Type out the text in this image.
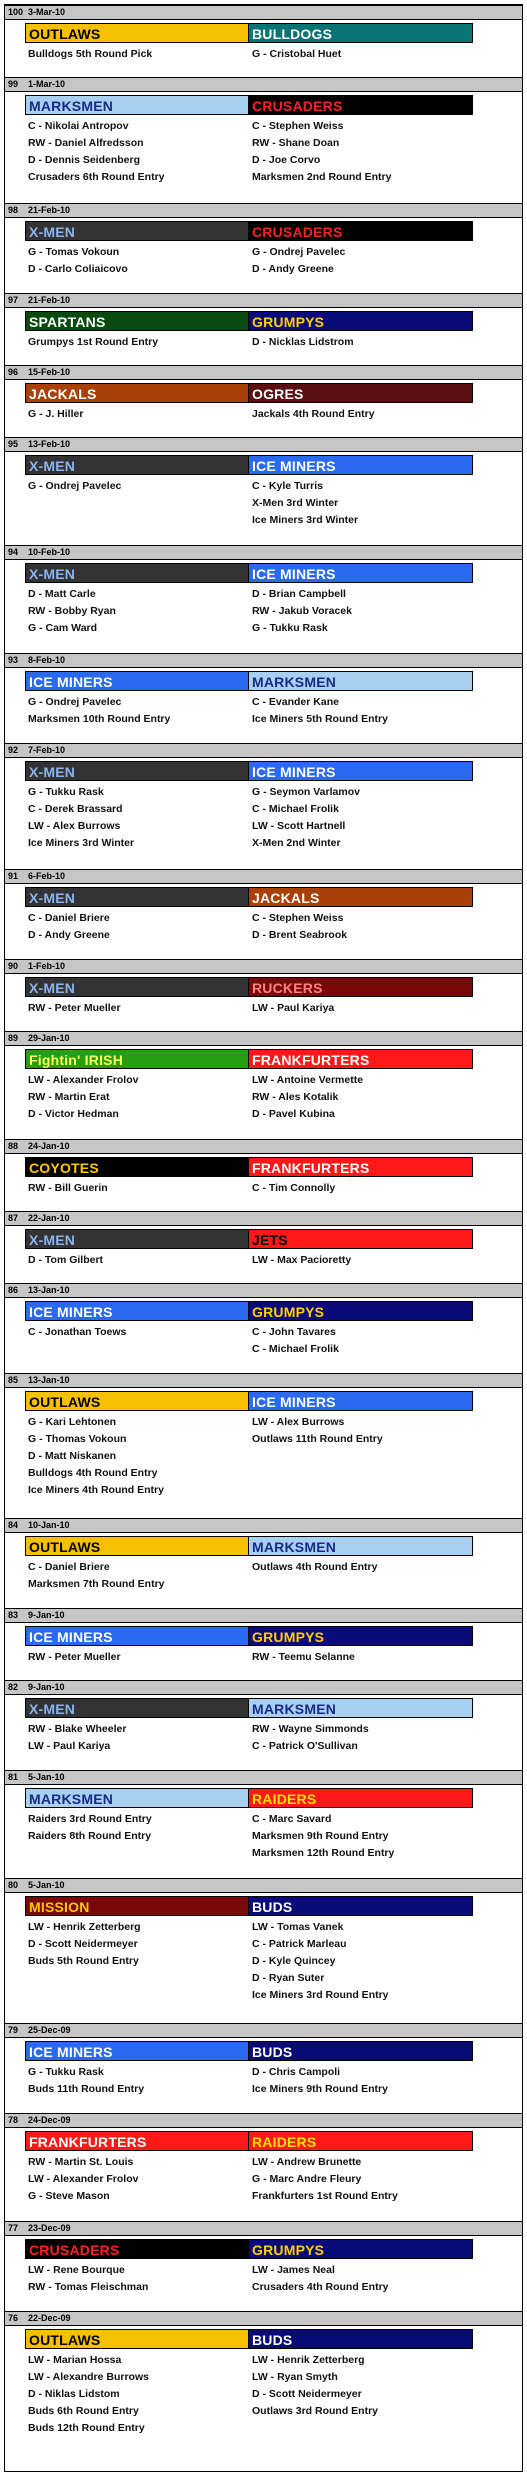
100 3-Mar-10
OUTLAWS
Bulldogs 5th Round Pick
BULLDOGS
G - Cristobal Huet
99 1-Mar-10
MARKSMEN
C - Nikolai Antropov
RW - Daniel Alfredsson
D - Dennis Seidenberg
Crusaders 6th Round Entry
CRUSADERS
C - Stephen Weiss
RW - Shane Doan
D - Joe Corvo
Marksmen 2nd Round Entry
98 21-Feb-10
X-MEN
G - Tomas Vokoun
D - Carlo Coliaicovo
CRUSADERS
G - Ondrej Pavelec
D - Andy Greene
97 21-Feb-10
SPARTANS
Grumpys 1st Round Entry
GRUMPYS
D - Nicklas Lidstrom
96 15-Feb-10
JACKALS
G - J. Hiller
OGRES
Jackals 4th Round Entry
95 13-Feb-10
X-MEN
G - Ondrej Pavelec
ICE MINERS
C - Kyle Turris
X-Men 3rd Winter
Ice Miners 3rd Winter
94 10-Feb-10
X-MEN
D - Matt Carle
RW - Bobby Ryan
G - Cam Ward
ICE MINERS
D - Brian Campbell
RW - Jakub Voracek
G - Tukku Rask
93 8-Feb-10
ICE MINERS
G - Ondrej Pavelec
Marksmen 10th Round Entry
MARKSMEN
C - Evander Kane
Ice Miners 5th Round Entry
92 7-Feb-10
X-MEN
G - Tukku Rask
C - Derek Brassard
LW - Alex Burrows
Ice Miners 3rd Winter
ICE MINERS
G - Seymon Varlamov
C - Michael Frolik
LW - Scott Hartnell
X-Men 2nd Winter
91 6-Feb-10
X-MEN
C - Daniel Briere
D - Andy Greene
JACKALS
C - Stephen Weiss
D - Brent Seabrook
90 1-Feb-10
X-MEN
RW - Peter Mueller
RUCKERS
LW - Paul Kariya
89 29-Jan-10
Fightin' IRISH
LW - Alexander Frolov
RW - Martin Erat
D - Victor Hedman
FRANKFURTERS
LW - Antoine Vermette
RW - Ales Kotalik
D - Pavel Kubina
88 24-Jan-10
COYOTES
RW - Bill Guerin
FRANKFURTERS
C - Tim Connolly
87 22-Jan-10
X-MEN
D - Tom Gilbert
JETS
LW - Max Pacioretty
86 13-Jan-10
ICE MINERS
C - Jonathan Toews
GRUMPYS
C - John Tavares
C - Michael Frolik
85 13-Jan-10
OUTLAWS
G - Kari Lehtonen
G - Thomas Vokoun
D - Matt Niskanen
Bulldogs 4th Round Entry
Ice Miners 4th Round Entry
ICE MINERS
LW - Alex Burrows
Outlaws 11th Round Entry
84 10-Jan-10
OUTLAWS
C - Daniel Briere
Marksmen 7th Round Entry
MARKSMEN
Outlaws 4th Round Entry
83 9-Jan-10
ICE MINERS
RW - Peter Mueller
GRUMPYS
RW - Teemu Selanne
82 9-Jan-10
X-MEN
RW - Blake Wheeler
LW - Paul Kariya
MARKSMEN
RW - Wayne Simmonds
C - Patrick O'Sullivan
81 5-Jan-10
MARKSMEN
Raiders 3rd Round Entry
Raiders 8th Round Entry
RAIDERS
C - Marc Savard
Marksmen 9th Round Entry
Marksmen 12th Round Entry
80 5-Jan-10
MISSION
LW - Henrik Zetterberg
D - Scott Neidermeyer
Buds 5th Round Entry
BUDS
LW - Tomas Vanek
C - Patrick Marleau
D - Kyle Quincey
D - Ryan Suter
Ice Miners 3rd Round Entry
79 25-Dec-09
ICE MINERS
G - Tukku Rask
Buds 11th Round Entry
BUDS
D - Chris Campoli
Ice Miners 9th Round Entry
78 24-Dec-09
FRANKFURTERS
RW - Martin St. Louis
LW - Alexander Frolov
G - Steve Mason
RAIDERS
LW - Andrew Brunette
G - Marc Andre Fleury
Frankfurters 1st Round Entry
77 23-Dec-09
CRUSADERS
LW - Rene Bourque
RW - Tomas Fleischman
GRUMPYS
LW - James Neal
Crusaders 4th Round Entry
76 22-Dec-09
OUTLAWS
LW - Marian Hossa
LW - Alexandre Burrows
D - Niklas Lidstom
Buds 6th Round Entry
Buds 12th Round Entry
BUDS
LW - Henrik Zetterberg
LW - Ryan Smyth
D - Scott Neidermeyer
Outlaws 3rd Round Entry
